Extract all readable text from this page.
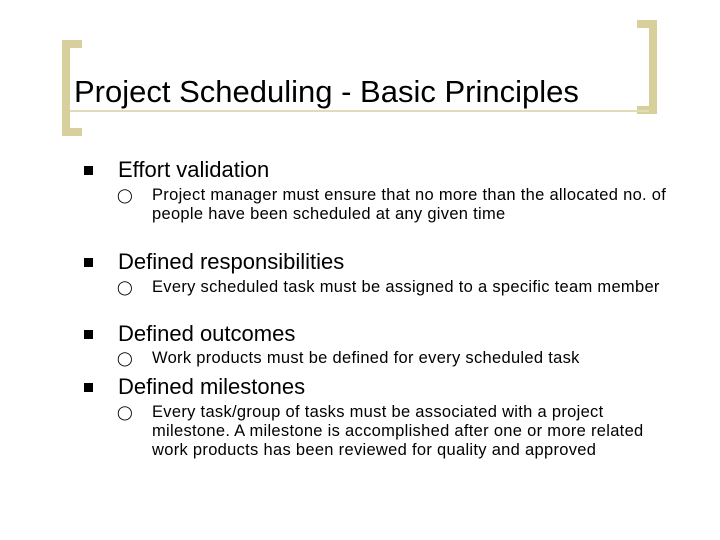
Project Scheduling - Basic Principles
Effort validation
◯ Project manager must ensure that no more than the allocated no. of people have been scheduled at any given time
Defined responsibilities
◯ Every scheduled task must be assigned to a specific team member
Defined outcomes
◯ Work products must be defined for every scheduled task
Defined milestones
◯ Every task/group of tasks must be associated with a project milestone. A milestone is accomplished after one or more related work products has been reviewed for quality and approved
